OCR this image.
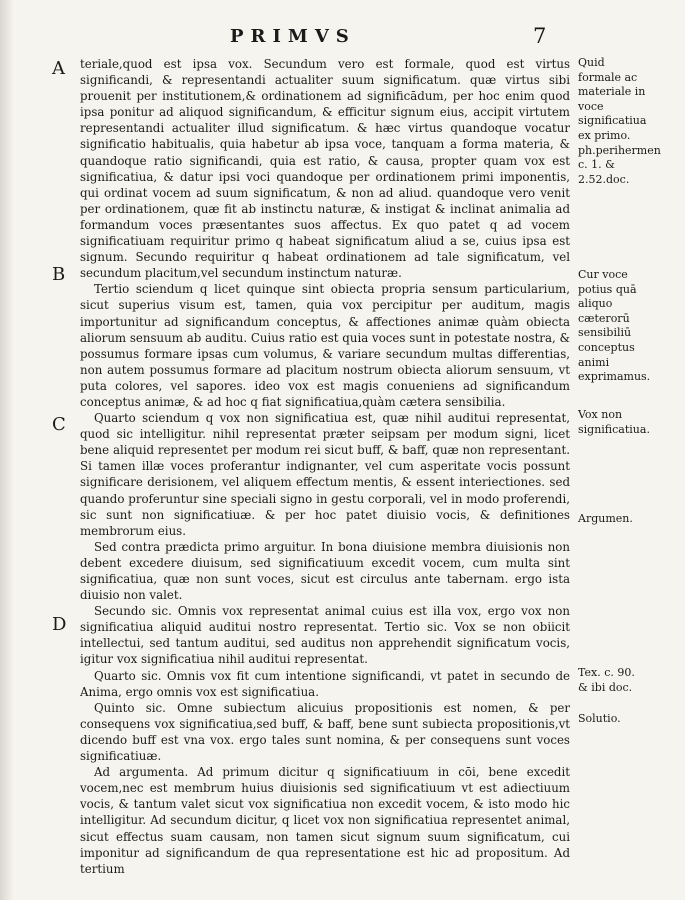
PRIMVS	7
A
B
C
D

teriale,quod est ipsa vox. Secundum vero est formale, quod est virtus significandi, & representandi actualiter suum significatum. quæ virtus sibi prouenit per institutionem,& ordinationem ad significādum, per hoc enim quod ipsa ponitur ad aliquod significandum, & efficitur signum eius, accipit virtutem representandi actualiter illud significatum. & hæc virtus quandoque vocatur significatio habitualis, quia habetur ab ipsa voce, tanquam a forma materia, & quandoque ratio significandi, quia est ratio, & causa, propter quam vox est significatiua, & datur ipsi voci quandoque per ordinationem primi imponentis, qui ordinat vocem ad suum significatum, & non ad aliud. quandoque vero venit per ordinationem, quæ fit ab instinctu naturæ, & instigat & inclinat animalia ad formandum voces præsentantes suos affectus. Ex quo patet q ad vocem significatiuam requiritur primo q habeat significatum aliud a se, cuius ipsa est signum. Secundo requiritur q habeat ordinationem ad tale significatum, vel secundum placitum,vel secundum instinctum naturæ.

Tertio sciendum q licet quinque sint obiecta propria sensum particularium, sicut superius visum est, tamen, quia vox percipitur per auditum, magis importunitur ad significandum conceptus, & affectiones animæ quàm obiecta aliorum sensuum ab auditu. Cuius ratio est quia voces sunt in potestate nostra, & possumus formare ipsas cum volumus, & variare secundum multas differentias, non autem possumus formare ad placitum nostrum obiecta aliorum sensuum, vt puta colores, vel sapores. ideo vox est magis conueniens ad significandum conceptus animæ, & ad hoc q fiat significatiua,quàm cætera sensibilia.

Quarto sciendum q vox non significatiua est, quæ nihil auditui representat, quod sic intelligitur. nihil representat præter seipsam per modum signi, licet bene aliquid representet per modum rei sicut buff, & baff, quæ non representant. Si tamen illæ voces proferantur indignanter, vel cum asperitate vocis possunt significare derisionem, vel aliquem effectum mentis, & essent interiectiones. sed quando proferuntur sine speciali signo in gestu corporali, vel in modo proferendi, sic sunt non significatiuæ. & per hoc patet diuisio vocis, & definitiones membrorum eius.

Sed contra prædicta primo arguitur. In bona diuisione membra diuisionis non debent excedere diuisum, sed significatiuum excedit vocem, cum multa sint significatiua, quæ non sunt voces, sicut est circulus ante tabernam. ergo ista diuisio non valet.

Secundo sic. Omnis vox representat animal cuius est illa vox, ergo vox non significatiua aliquid auditui nostro representat. Tertio sic. Vox se non obiicit intellectui, sed tantum auditui, sed auditus non apprehendit significatum vocis, igitur vox significatiua nihil auditui representat.

Quarto sic. Omnis vox fit cum intentione significandi, vt patet in secundo de Anima, ergo omnis vox est significatiua.

Quinto sic. Omne subiectum alicuius propositionis est nomen, & per consequens vox significatiua,sed buff, & baff, bene sunt subiecta propositionis,vt dicendo buff est vna vox. ergo tales sunt nomina, & per consequens sunt voces significatiuæ.

Ad argumenta. Ad primum dicitur q significatiuum in cōi, bene excedit vocem,nec est membrum huius diuisionis sed significatiuum vt est adiectiuum vocis, & tantum valet sicut vox significatiua non excedit vocem, & isto modo hic intelligitur. Ad secundum dicitur, q licet vox non significatiua representet animal, sicut effectus suam causam, non tamen sicut signum suum significatum, cui imponitur ad significandum de qua representatione est hic ad propositum. Ad tertium

Quid formale ac materiale in voce significatiua ex primo. ph.perihermen c. 1. & 2.52.doc.
Cur voce potius quā aliquo cæterorū sensibiliū conceptus animi exprimamus.
Vox non significatiua.
Argumen.
Tex. c. 90. & ibi doc.
Solutio.
